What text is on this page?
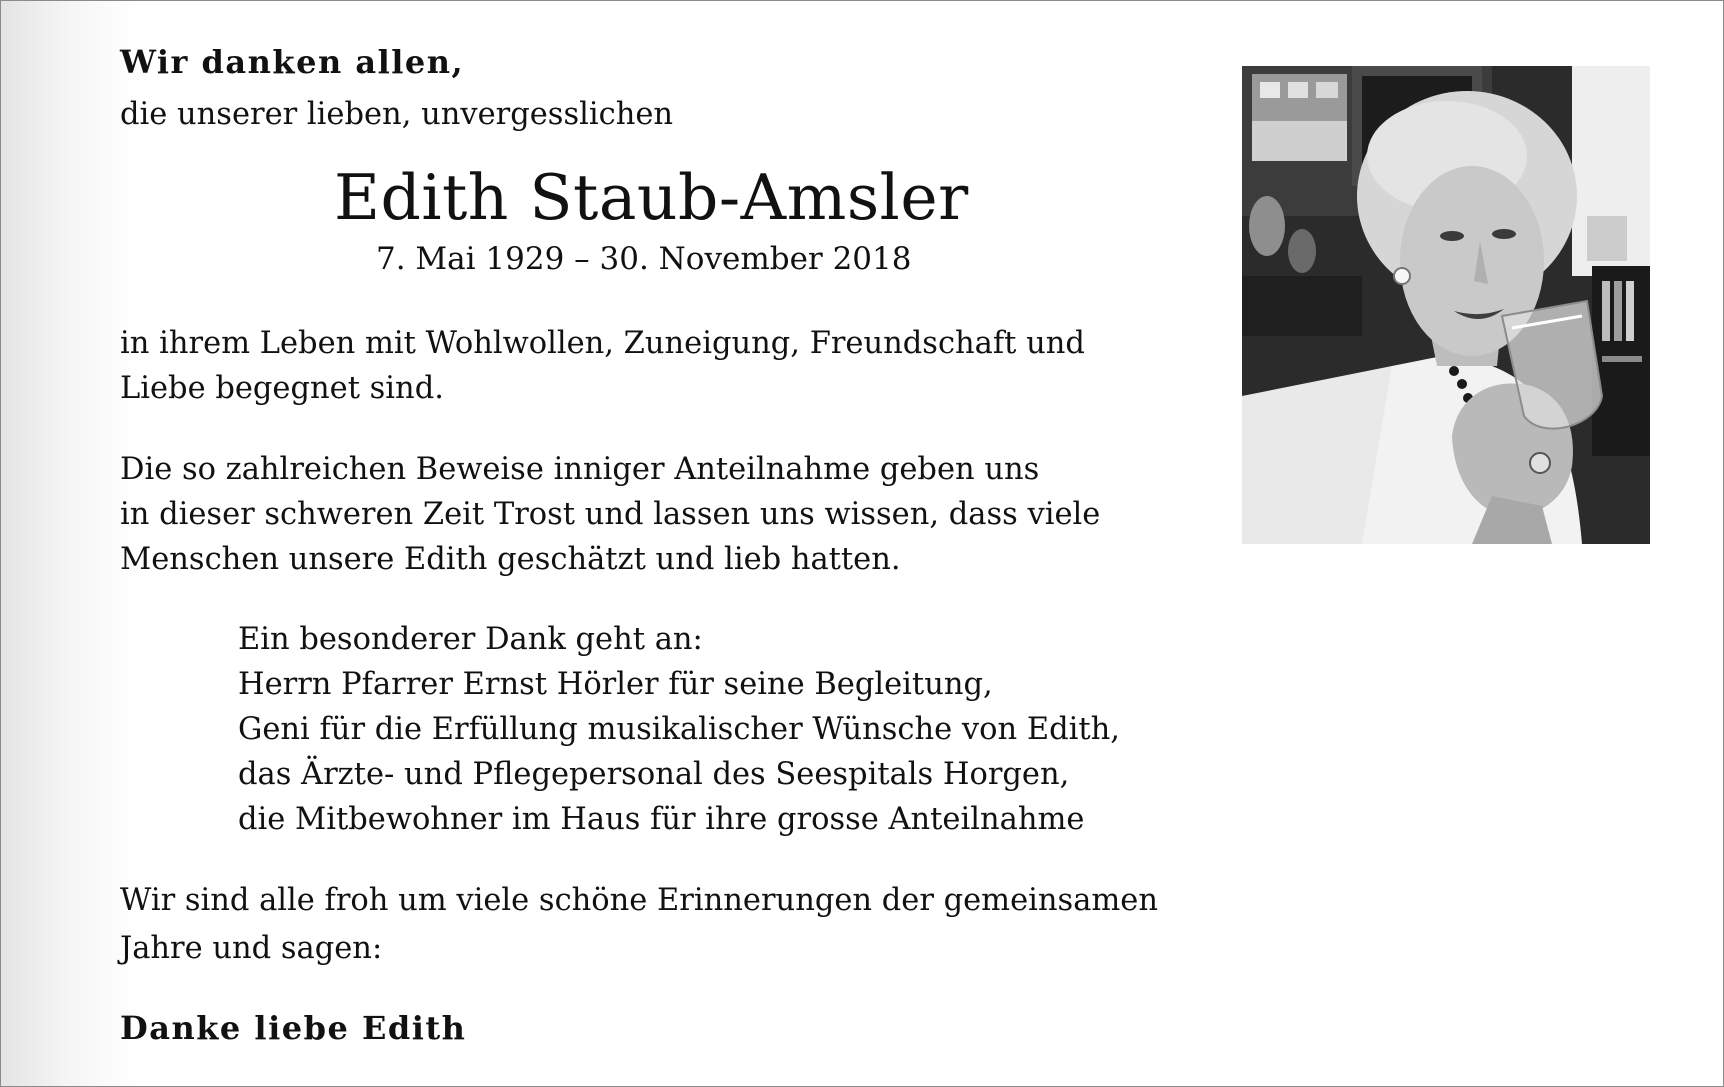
Wir danken allen,

die unserer lieben, unvergesslichen

Edith Staub-Amsler

7. Mai 1929 – 30. November 2018

in ihrem Leben mit Wohlwollen, Zuneigung, Freundschaft und
Liebe begegnet sind.
Die so zahlreichen Beweise inniger Anteilnahme geben uns
in dieser schweren Zeit Trost und lassen uns wissen, dass viele
Menschen unsere Edith geschätzt und lieb hatten.
Ein besonderer Dank geht an:
Herrn Pfarrer Ernst Hörler für seine Begleitung,
Geni für die Erfüllung musikalischer Wünsche von Edith,
das Ärzte- und Pflegepersonal des Seespitals Horgen,
die Mitbewohner im Haus für ihre grosse Anteilnahme
Wir sind alle froh um viele schöne Erinnerungen der gemeinsamen
Jahre und sagen:

Danke liebe Edith
